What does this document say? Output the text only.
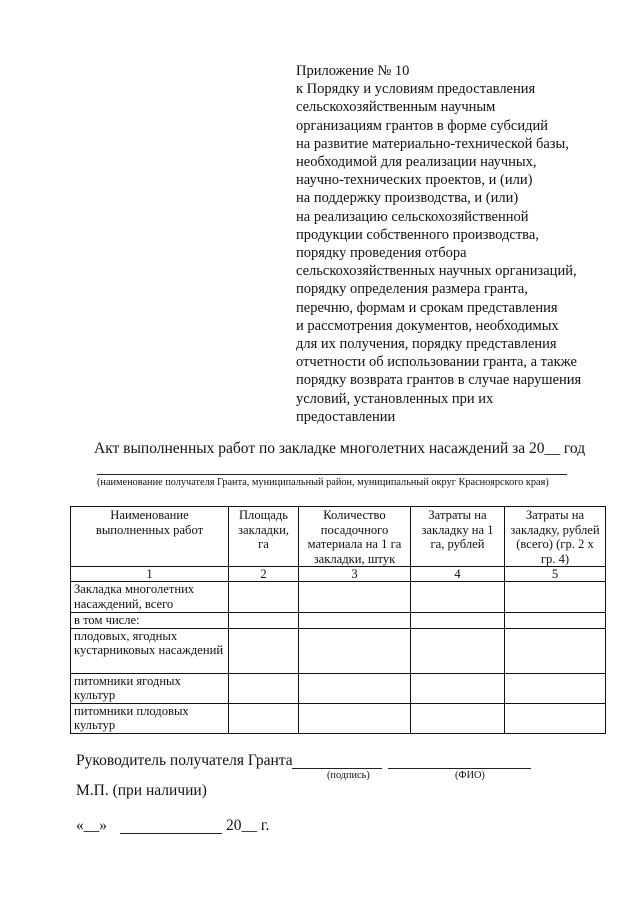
Приложение № 10
к Порядку и условиям предоставления
сельскохозяйственным научным
организациям грантов в форме субсидий
на развитие материально-технической базы,
необходимой для реализации научных,
научно-технических проектов, и (или)
на поддержку производства, и (или)
на реализацию сельскохозяйственной
продукции собственного производства,
порядку проведения отбора
сельскохозяйственных научных организаций,
порядку определения размера гранта,
перечню, формам и срокам представления
и рассмотрения документов, необходимых
для их получения, порядку представления
отчетности об использовании гранта, а также
порядку возврата грантов в случае нарушения
условий, установленных при их
предоставлении
Акт выполненных работ по закладке многолетних насаждений за 20__ год
(наименование получателя Гранта, муниципальный район, муниципальный округ Красноярского края)
Наименование выполненных работ	Площадь закладки, га	Количество посадочного материала на 1 га закладки, штук	Затраты на закладку на 1 га, рублей	Затраты на закладку, рублей (всего) (гр. 2 x гр. 4)
1	2	3	4	5
Закладка многолетних насаждений, всего				
в том числе:				
плодовых, ягодных кустарниковых насаждений				
питомники ягодных культур				
питомники плодовых культур				
Руководитель получателя Гранта
(подпись)	(ФИО)
М.П. (при наличии)
«__»	20__ г.
